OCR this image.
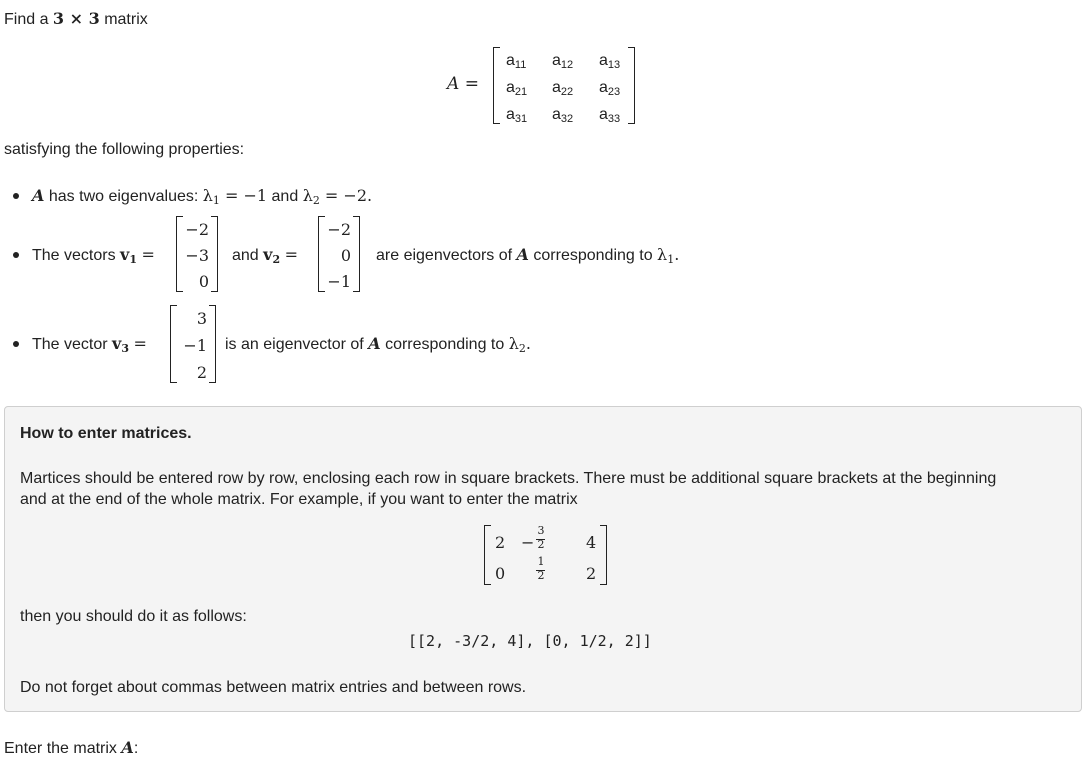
Find a 3 × 3 matrix
A =
a11 a12 a13
a21 a22 a23
a31 a32 a33
satisfying the following properties:
A has two eigenvalues: $\lambda_1 = -1$ and $\lambda_2 = -2$.
The vectors $v_1$ =
−2
−3
0
and $v_2$ =
−2
0
−1
are eigenvectors of A corresponding to $\lambda_1$.
The vector $v_3$ =
3
−1
2
is an eigenvector of A corresponding to $\lambda_2$.
How to enter matrices.
Martices should be entered row by row, enclosing each row in square brackets. There must be additional square brackets at the beginning
and at the end of the whole matrix. For example, if you want to enter the matrix
2 −
3
2	4
0
1
2	2
then you should do it as follows:
[[2, -3/2, 4], [0, 1/2, 2]]
Do not forget about commas between matrix entries and between rows.
Enter the matrix A:
